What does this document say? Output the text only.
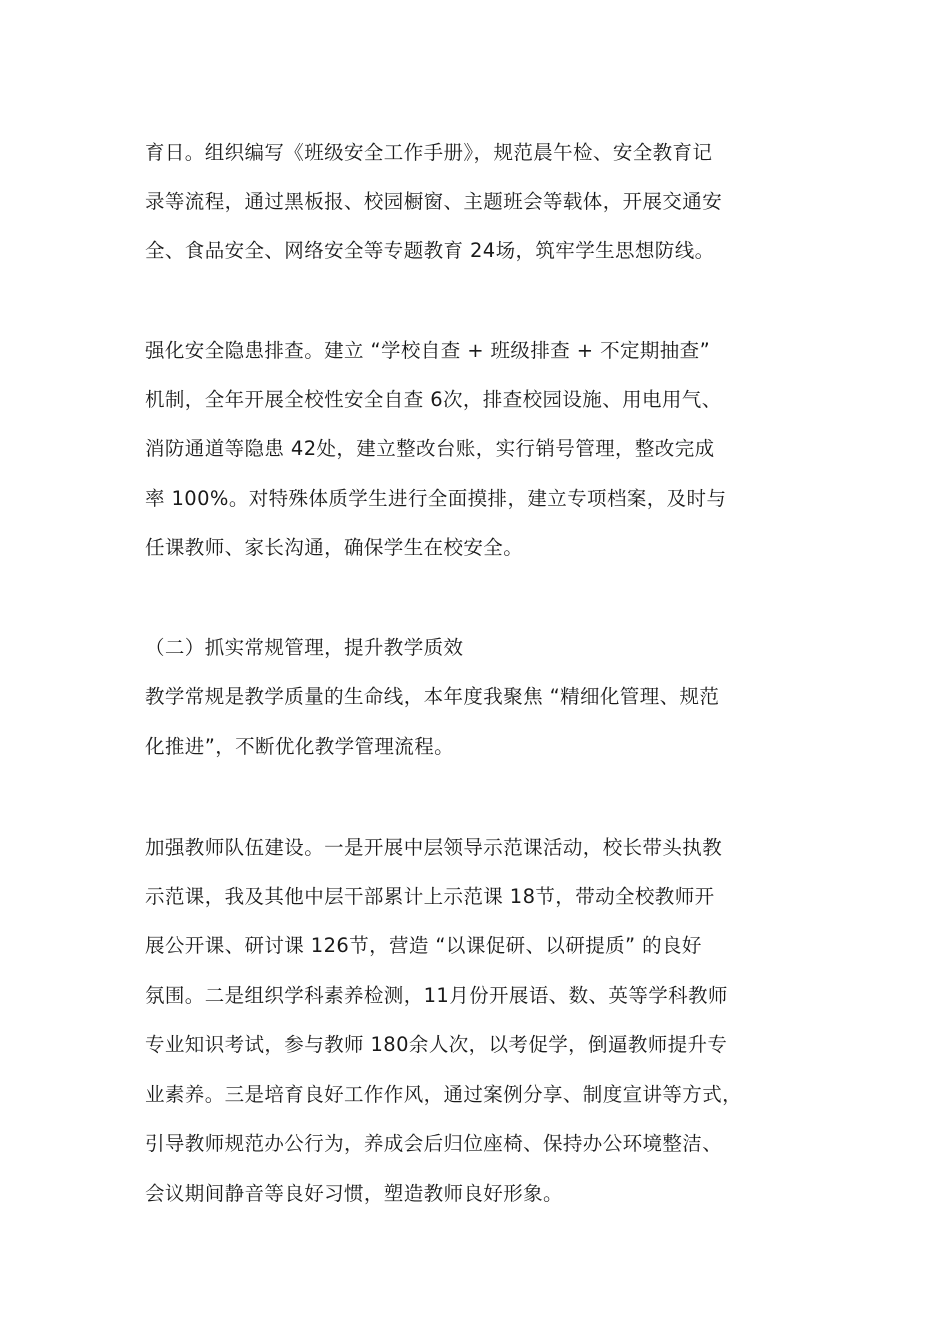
育日。组织编写《班级安全工作手册》，规范晨午检、安全教育记
录等流程，通过黑板报、校园橱窗、主题班会等载体，开展交通安
全、食品安全、网络安全等专题教育 24场，筑牢学生思想防线。
强化安全隐患排查。建立 “学校自查 + 班级排查 + 不定期抽查”
机制，全年开展全校性安全自查 6次，排查校园设施、用电用气、
消防通道等隐患 42处，建立整改台账，实行销号管理，整改完成
率 100%。对特殊体质学生进行全面摸排，建立专项档案，及时与
任课教师、家长沟通，确保学生在校安全。
（二）抓实常规管理，提升教学质效
教学常规是教学质量的生命线，本年度我聚焦 “精细化管理、规范
化推进”，不断优化教学管理流程。
加强教师队伍建设。一是开展中层领导示范课活动，校长带头执教
示范课，我及其他中层干部累计上示范课 18节，带动全校教师开
展公开课、研讨课 126节，营造 “以课促研、以研提质” 的良好
氛围。二是组织学科素养检测，11月份开展语、数、英等学科教师
专业知识考试，参与教师 180余人次，以考促学，倒逼教师提升专
业素养。三是培育良好工作作风，通过案例分享、制度宣讲等方式，
引导教师规范办公行为，养成会后归位座椅、保持办公环境整洁、
会议期间静音等良好习惯，塑造教师良好形象。
